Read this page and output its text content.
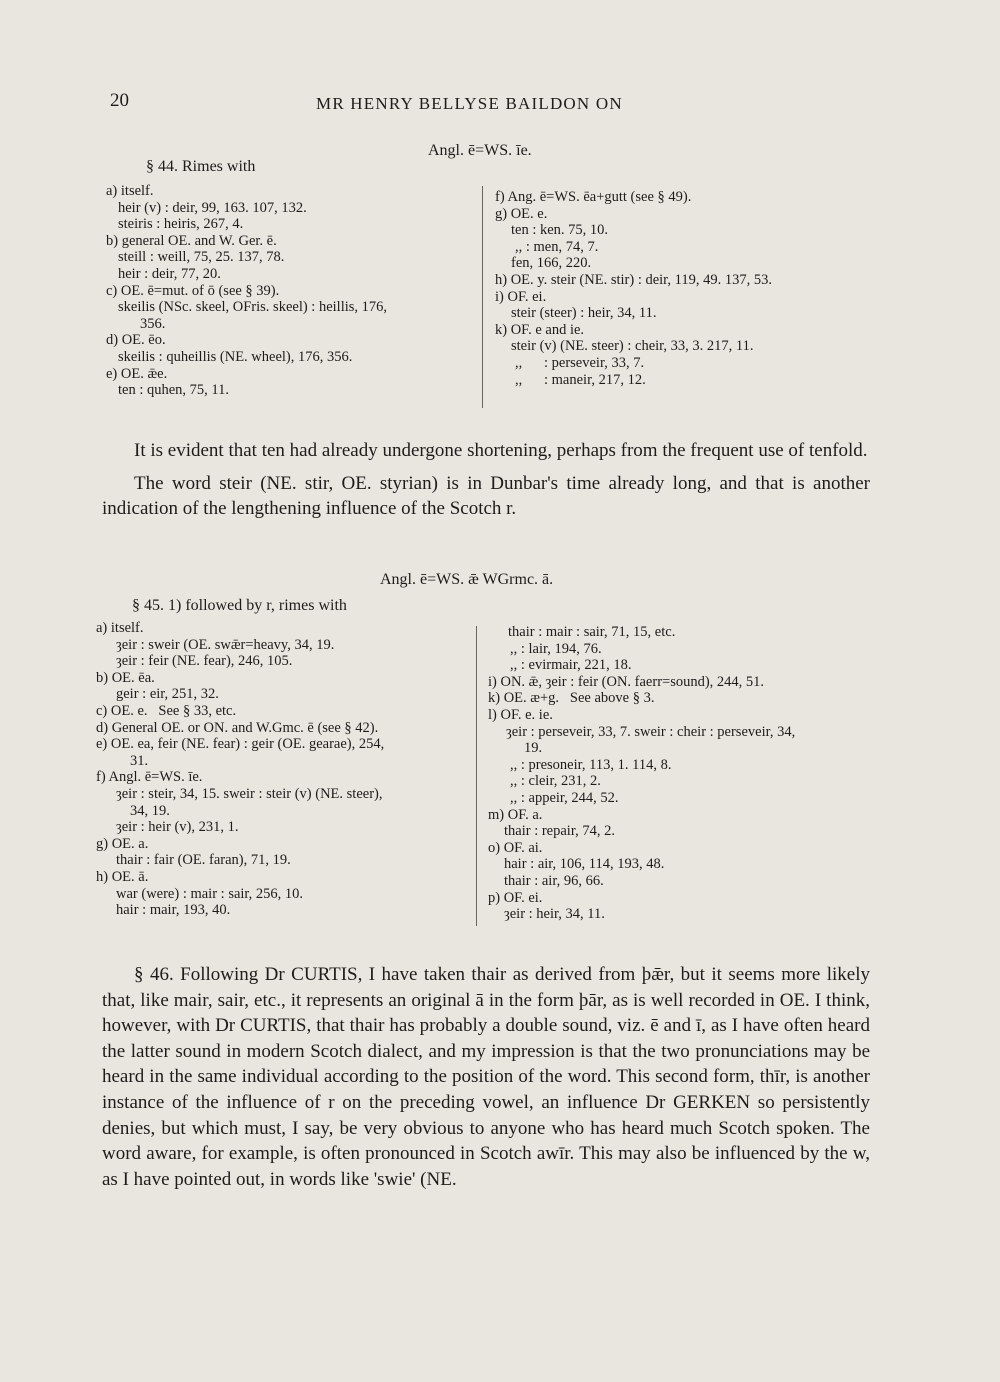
20	MR HENRY BELLYSE BAILDON ON
Angl. ē=WS. īe.
§ 44. Rimes with
a) itself.
heir (v) : deir, 99, 163. 107, 132.
steiris : heiris, 267, 4.
b) general OE. and W. Ger. ē.
steill : weill, 75, 25. 137, 78.
heir : deir, 77, 20.
c) OE. ē=mut. of ō (see § 39).
skeilis (NSc. skeel, OFris. skeel) : heillis, 176,
356.
d) OE. ēo.
skeilis : quheillis (NE. wheel), 176, 356.
e) OE. ǣe.
ten : quhen, 75, 11.
f) Ang. ē=WS. ēa+gutt (see § 49).
g) OE. e.
ten : ken. 75, 10.
,, : men, 74, 7.
fen, 166, 220.
h) OE. y. steir (NE. stir) : deir, 119, 49. 137, 53.
i) OF. ei.
steir (steer) : heir, 34, 11.
k) OF. e and ie.
steir (v) (NE. steer) : cheir, 33, 3. 217, 11.
,,      : perseveir, 33, 7.
,,      : maneir, 217, 12.

It is evident that ten had already undergone shortening, perhaps from the frequent use of tenfold.

The word steir (NE. stir, OE. styrian) is in Dunbar's time already long, and that is another indication of the lengthening influence of the Scotch r.

Angl. ē=WS. ǣ WGrmc. ā.
§ 45. 1) followed by r, rimes with
a) itself.
ȝeir : sweir (OE. swǣr=heavy, 34, 19.
ȝeir : feir (NE. fear), 246, 105.
b) OE. ēa.
geir : eir, 251, 32.
c) OE. e.   See § 33, etc.
d) General OE. or ON. and W.Gmc. ē (see § 42).
e) OE. ea, feir (NE. fear) : geir (OE. gearae), 254,
31.
f) Angl. ē=WS. īe.
ȝeir : steir, 34, 15. sweir : steir (v) (NE. steer),
34, 19.
ȝeir : heir (v), 231, 1.
g) OE. a.
thair : fair (OE. faran), 71, 19.
h) OE. ā.
war (were) : mair : sair, 256, 10.
hair : mair, 193, 40.
thair : mair : sair, 71, 15, etc.
,, : lair, 194, 76.
,, : evirmair, 221, 18.
i) ON. ǣ, ȝeir : feir (ON. faerr=sound), 244, 51.
k) OE. æ+g.   See above § 3.
l) OF. e. ie.
ȝeir : perseveir, 33, 7. sweir : cheir : perseveir, 34,
19.
,, : presoneir, 113, 1. 114, 8.
,, : cleir, 231, 2.
,, : appeir, 244, 52.
m) OF. a.
thair : repair, 74, 2.
o) OF. ai.
hair : air, 106, 114, 193, 48.
thair : air, 96, 66.
p) OF. ei.
ȝeir : heir, 34, 11.

§ 46. Following Dr CURTIS, I have taken thair as derived from þǣr, but it seems more likely that, like mair, sair, etc., it represents an original ā in the form þār, as is well recorded in OE. I think, however, with Dr CURTIS, that thair has probably a double sound, viz. ē and ī, as I have often heard the latter sound in modern Scotch dialect, and my impression is that the two pronunciations may be heard in the same individual according to the position of the word. This second form, thīr, is another instance of the influence of r on the preceding vowel, an influence Dr GERKEN so persistently denies, but which must, I say, be very obvious to anyone who has heard much Scotch spoken. The word aware, for example, is often pronounced in Scotch awīr. This may also be influenced by the w, as I have pointed out, in words like 'swie' (NE.
